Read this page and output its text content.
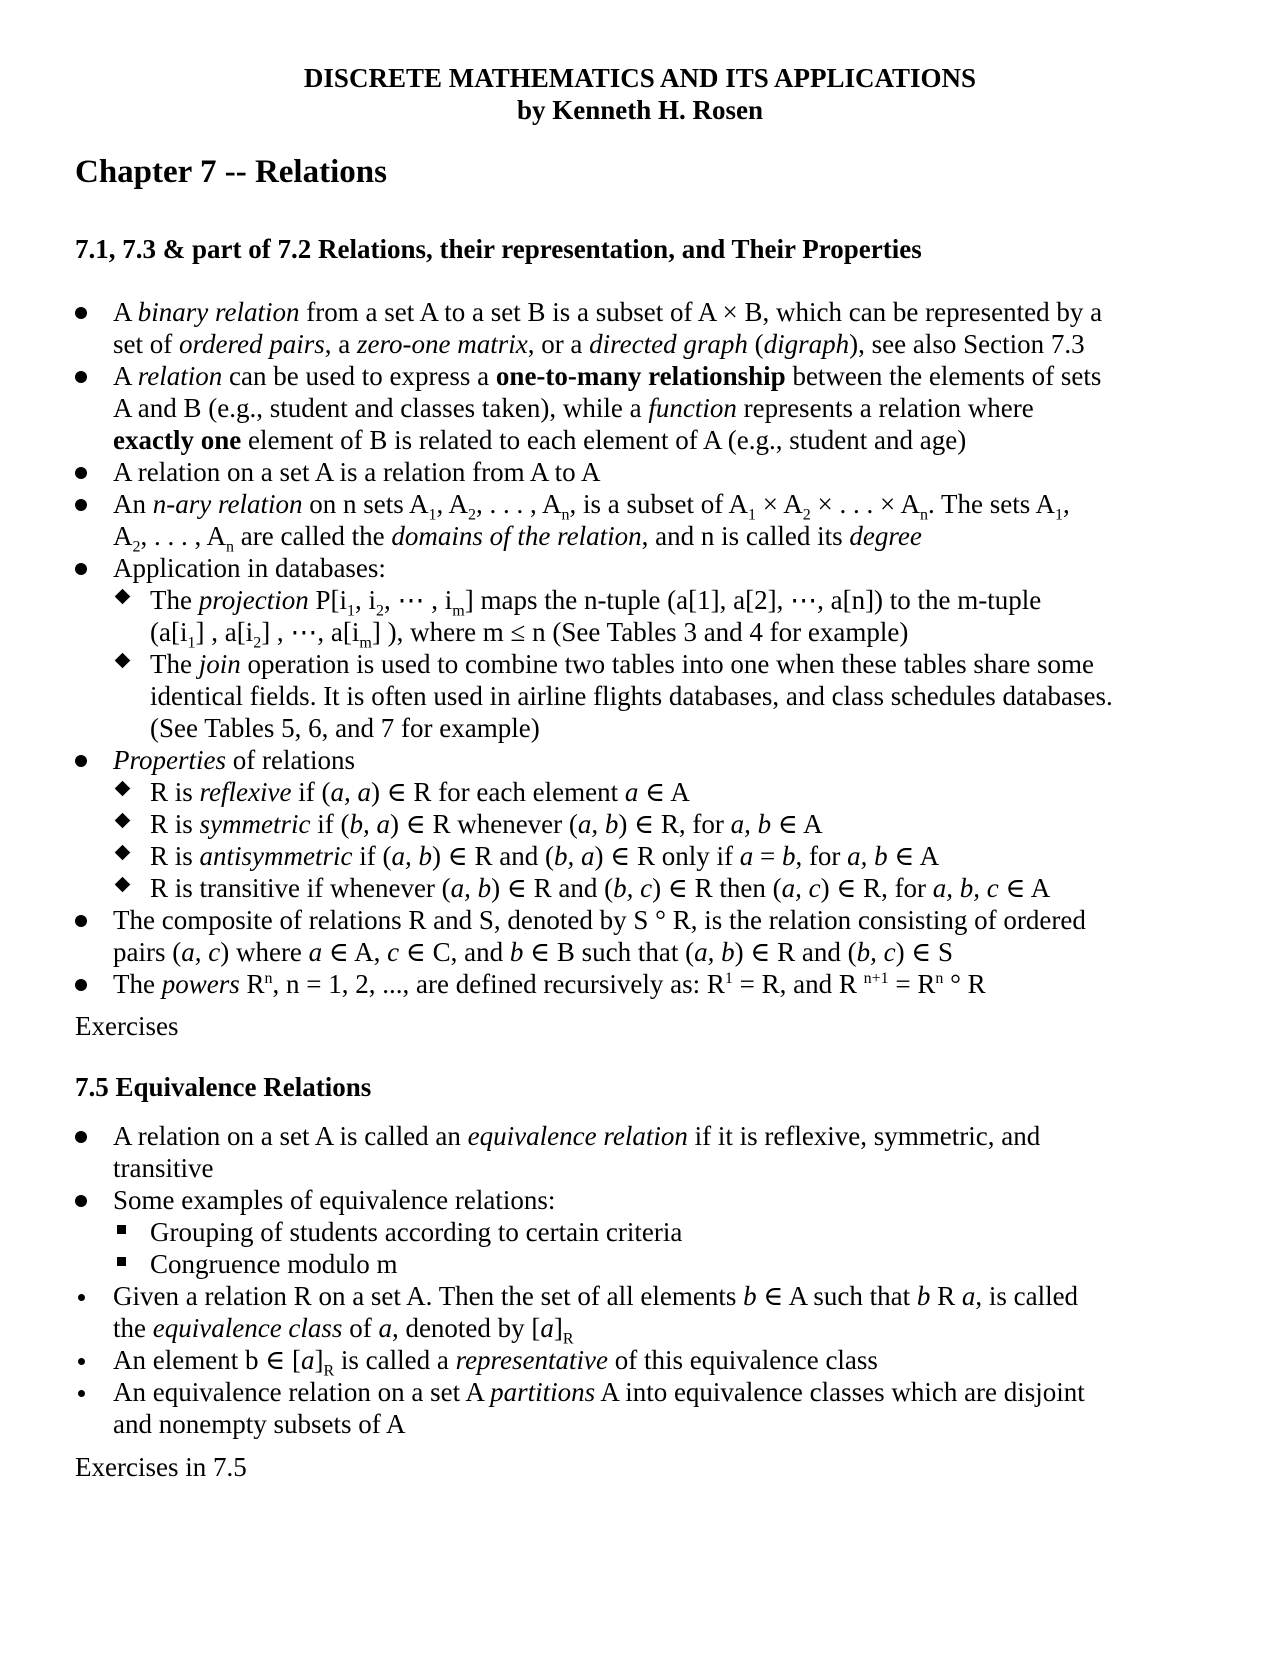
DISCRETE MATHEMATICS AND ITS APPLICATIONS
by Kenneth H. Rosen
Chapter 7 -- Relations
7.1, 7.3 & part of 7.2 Relations, their representation, and Their Properties
A binary relation from a set A to a set B is a subset of A × B, which can be represented by a
set of ordered pairs, a zero-one matrix, or a directed graph (digraph), see also Section 7.3
A relation can be used to express a one-to-many relationship between the elements of sets
A and B (e.g., student and classes taken), while a function represents a relation where
exactly one element of B is related to each element of A (e.g., student and age)
A relation on a set A is a relation from A to A
An n-ary relation on n sets $A_1$, $A_2$, . . . , $A_n$, is a subset of $A_1 \times A_2$ × . . . × $A_n$. The sets $A_1$,
$A_2$, . . . , $A_n$ are called the domains of the relation, and n is called its degree
Application in databases:
The projection $P[i_1$, $i_2$, ⋯ , $i_m$] maps the n-tuple (a[1], a[2], ⋯, a[n]) to the m-tuple
($a[i_1]$ , $a[i_2]$ , ⋯, $a[i_m]$ ), where m ≤ n (See Tables 3 and 4 for example)
The join operation is used to combine two tables into one when these tables share some
identical fields. It is often used in airline flights databases, and class schedules databases.
(See Tables 5, 6, and 7 for example)
Properties of relations
R is reflexive if (a, a) ∈ R for each element a ∈ A
R is symmetric if (b, a) ∈ R whenever (a, b) ∈ R, for a, b ∈ A
R is antisymmetric if (a, b) ∈ R and (b, a) ∈ R only if a = b, for a, b ∈ A
R is transitive if whenever (a, b) ∈ R and (b, c) ∈ R then (a, c) ∈ R, for a, b, c ∈ A
The composite of relations R and S, denoted by S ° R, is the relation consisting of ordered
pairs (a, c) where a ∈ A, c ∈ C, and b ∈ B such that (a, b) ∈ R and (b, c) ∈ S
The powers $R^n$, n = 1, 2, ..., are defined recursively as: $R^1 = R$, and R $^{n+1} = R^n$ ° R
Exercises
7.5 Equivalence Relations
A relation on a set A is called an equivalence relation if it is reflexive, symmetric, and
transitive
Some examples of equivalence relations:
Grouping of students according to certain criteria
Congruence modulo m
Given a relation R on a set A. Then the set of all elements b ∈ A such that b R a, is called
the equivalence class of a, denoted by $[a]_R$
An element b ∈ $[a]_R$ is called a representative of this equivalence class
An equivalence relation on a set A partitions A into equivalence classes which are disjoint
and nonempty subsets of A
Exercises in 7.5
